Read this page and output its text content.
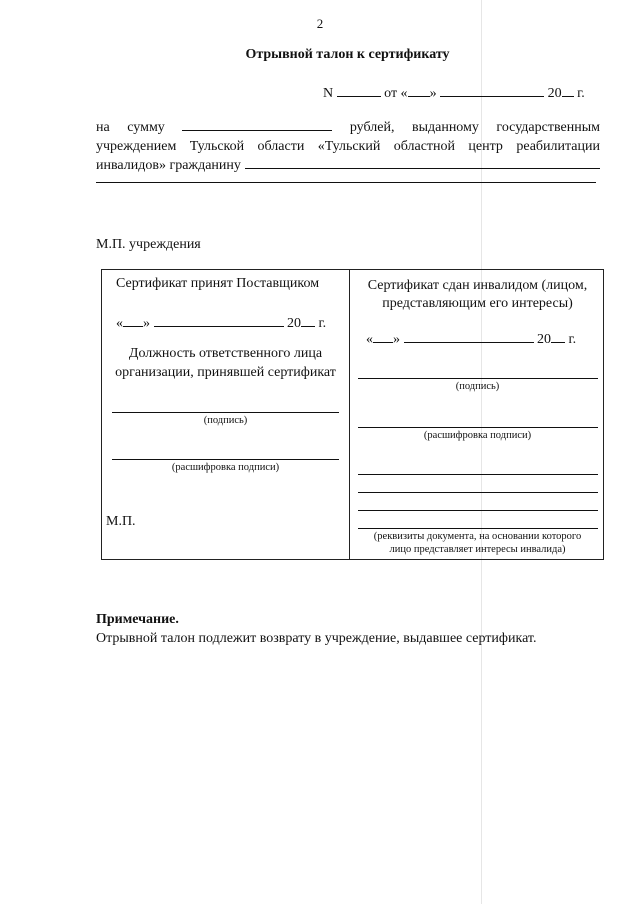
2
Отрывной талон к сертификату
N	от « »	20 г.
на сумму	рублей, выданному государственным
учреждением Тульской области «Тульский областной центр реабилитации
инвалидов» гражданину
М.П. учреждения
Сертификат принят Поставщиком
« »	20 г.
Должность ответственного лица
организации, принявшей сертификат
(подпись)
(расшифровка подписи)
М.П.
Сертификат сдан инвалидом (лицом,
представляющим его интересы)
« »	20 г.
(подпись)
(расшифровка подписи)
(реквизиты документа, на основании которого
лицо представляет интересы инвалида)
Примечание.
Отрывной талон подлежит возврату в учреждение, выдавшее сертификат.
